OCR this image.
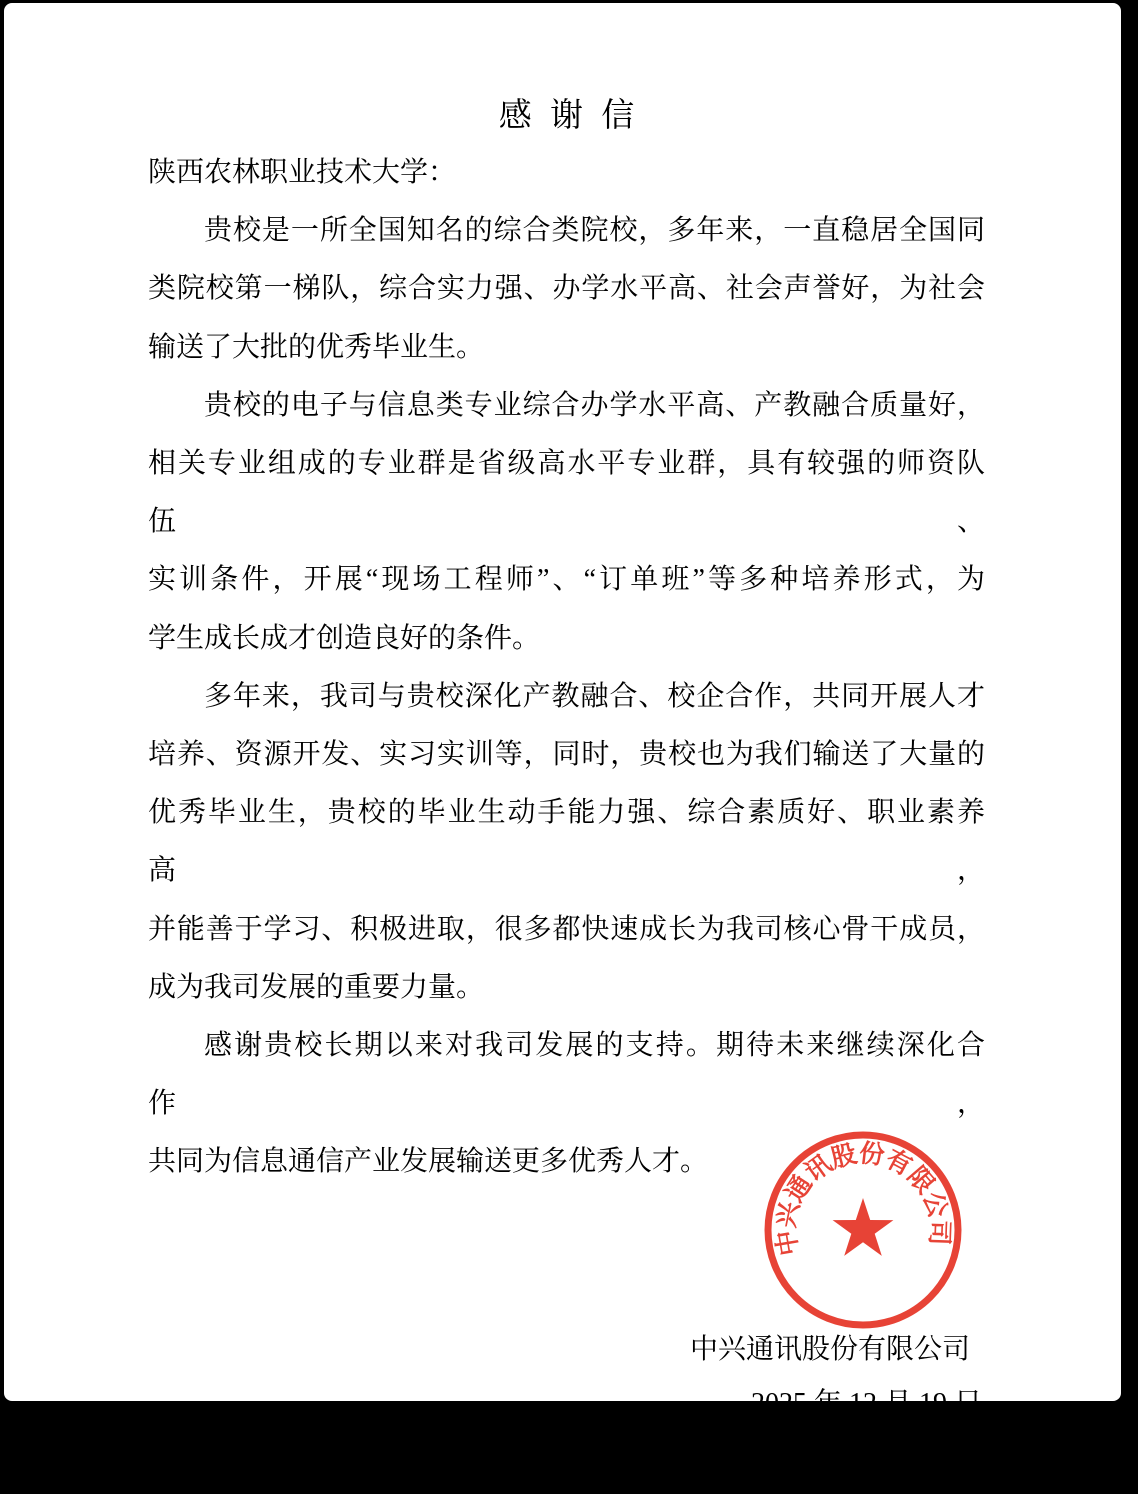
感 谢 信
陕西农林职业技术大学：
贵校是一所全国知名的综合类院校，多年来，一直稳居全国同
类院校第一梯队，综合实力强、办学水平高、社会声誉好，为社会
输送了大批的优秀毕业生。
贵校的电子与信息类专业综合办学水平高、产教融合质量好，
相关专业组成的专业群是省级高水平专业群，具有较强的师资队伍、
实训条件，开展“现场工程师”、“订单班”等多种培养形式，为
学生成长成才创造良好的条件。
多年来，我司与贵校深化产教融合、校企合作，共同开展人才
培养、资源开发、实习实训等，同时，贵校也为我们输送了大量的
优秀毕业生，贵校的毕业生动手能力强、综合素质好、职业素养高，
并能善于学习、积极进取，很多都快速成长为我司核心骨干成员，
成为我司发展的重要力量。
感谢贵校长期以来对我司发展的支持。期待未来继续深化合作，
共同为信息通信产业发展输送更多优秀人才。
中兴通讯股份有限公司
2025 年 12 月 19 日
中兴通讯股份有限公司
